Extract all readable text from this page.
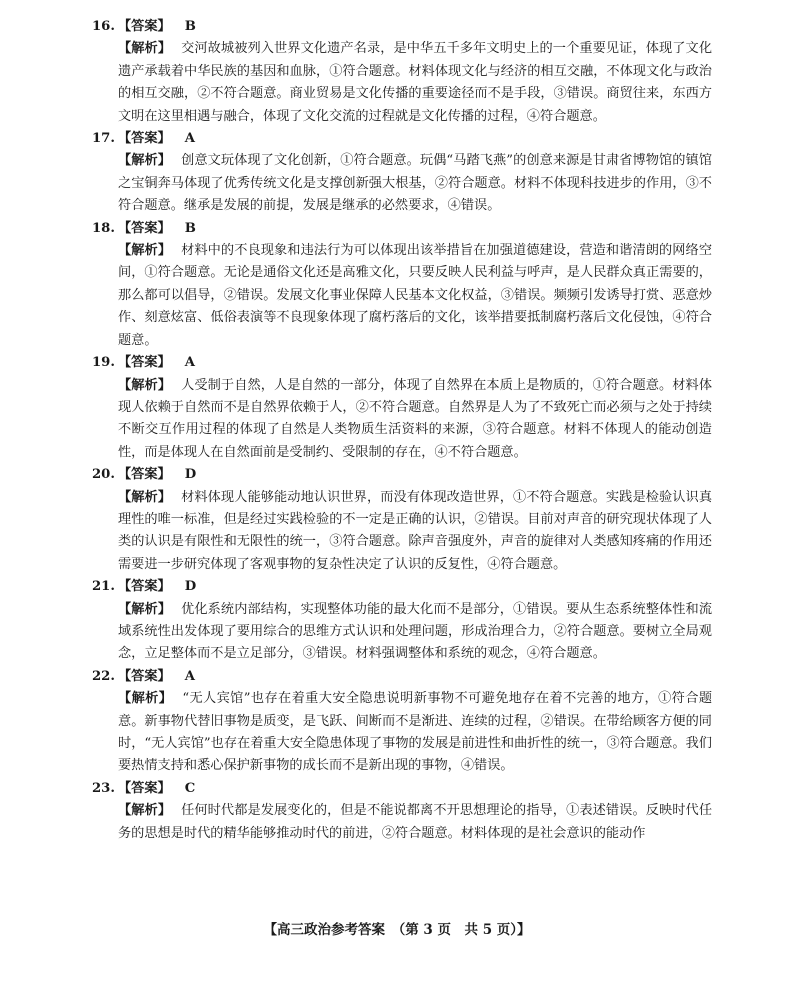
16. 【答案】 B

【解析】 交河故城被列入世界文化遗产名录，是中华五千多年文明史上的一个重要见证，体现了文化遗产承载着中华民族的基因和血脉，①符合题意。材料体现文化与经济的相互交融，不体现文化与政治的相互交融，②不符合题意。商业贸易是文化传播的重要途径而不是手段，③错误。商贸往来，东西方文明在这里相遇与融合，体现了文化交流的过程就是文化传播的过程，④符合题意。

17. 【答案】 A

【解析】 创意文玩体现了文化创新，①符合题意。玩偶“马踏飞燕”的创意来源是甘肃省博物馆的镇馆之宝铜奔马体现了优秀传统文化是支撑创新强大根基，②符合题意。材料不体现科技进步的作用，③不符合题意。继承是发展的前提，发展是继承的必然要求，④错误。

18. 【答案】 B

【解析】 材料中的不良现象和违法行为可以体现出该举措旨在加强道德建设，营造和谐清朗的网络空间，①符合题意。无论是通俗文化还是高雅文化，只要反映人民利益与呼声，是人民群众真正需要的，那么都可以倡导，②错误。发展文化事业保障人民基本文化权益，③错误。频频引发诱导打赏、恶意炒作、刻意炫富、低俗表演等不良现象体现了腐朽落后的文化，该举措要抵制腐朽落后文化侵蚀，④符合题意。

19. 【答案】 A

【解析】 人受制于自然，人是自然的一部分，体现了自然界在本质上是物质的，①符合题意。材料体现人依赖于自然而不是自然界依赖于人，②不符合题意。自然界是人为了不致死亡而必须与之处于持续不断交互作用过程的体现了自然是人类物质生活资料的来源，③符合题意。材料不体现人的能动创造性，而是体现人在自然面前是受制约、受限制的存在，④不符合题意。

20. 【答案】 D

【解析】 材料体现人能够能动地认识世界，而没有体现改造世界，①不符合题意。实践是检验认识真理性的唯一标准，但是经过实践检验的不一定是正确的认识，②错误。目前对声音的研究现状体现了人类的认识是有限性和无限性的统一，③符合题意。除声音强度外，声音的旋律对人类感知疼痛的作用还需要进一步研究体现了客观事物的复杂性决定了认识的反复性，④符合题意。

21. 【答案】 D

【解析】 优化系统内部结构，实现整体功能的最大化而不是部分，①错误。要从生态系统整体性和流域系统性出发体现了要用综合的思维方式认识和处理问题，形成治理合力，②符合题意。要树立全局观念，立足整体而不是立足部分，③错误。材料强调整体和系统的观念，④符合题意。

22. 【答案】 A

【解析】 “无人宾馆”也存在着重大安全隐患说明新事物不可避免地存在着不完善的地方，①符合题意。新事物代替旧事物是质变，是飞跃、间断而不是渐进、连续的过程，②错误。在带给顾客方便的同时，“无人宾馆”也存在着重大安全隐患体现了事物的发展是前进性和曲折性的统一，③符合题意。我们要热情支持和悉心保护新事物的成长而不是新出现的事物，④错误。

23. 【答案】 C

【解析】 任何时代都是发展变化的，但是不能说都离不开思想理论的指导，①表述错误。反映时代任务的思想是时代的精华能够推动时代的前进，②符合题意。材料体现的是社会意识的能动作

【高三政治参考答案　（第 3 页　共 5 页）】
